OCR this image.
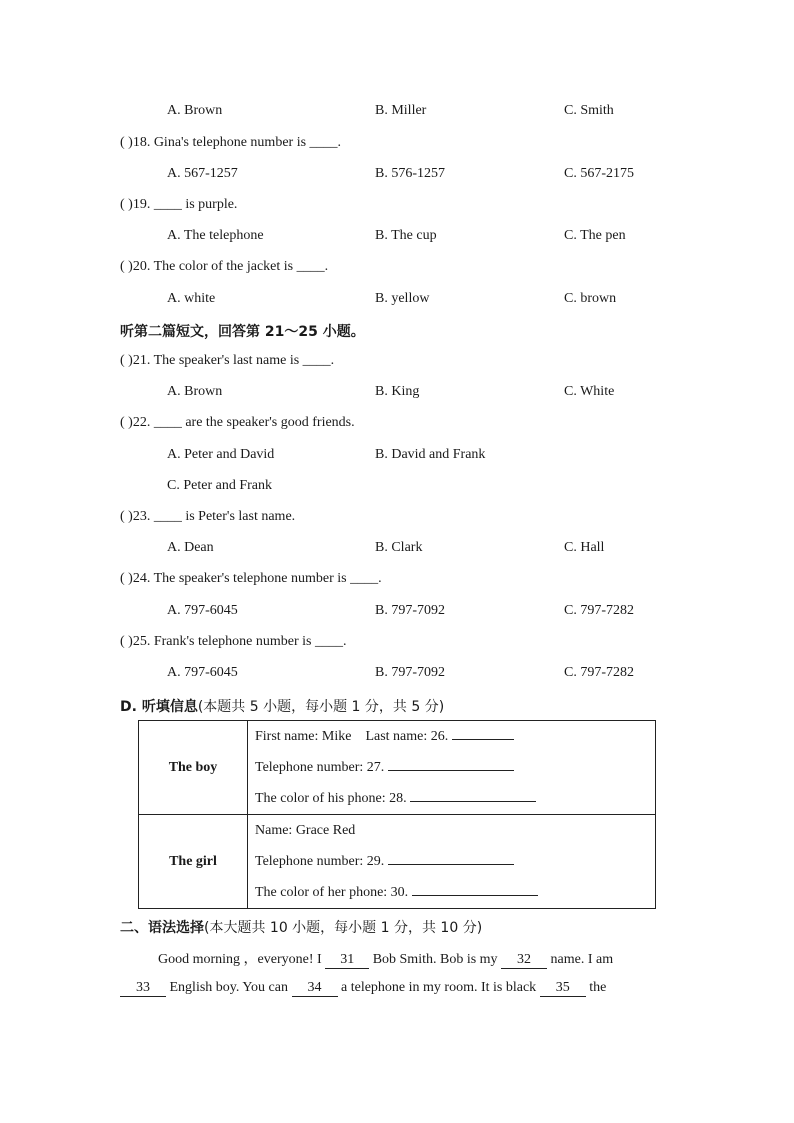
A. Brown	B. Miller	C. Smith
( )18. Gina's telephone number is ____.
A. 567-1257	B. 576-1257	C. 567-2175
( )19. ____ is purple.
A. The telephone	B. The cup	C. The pen
( )20. The color of the jacket is ____.
A. white	B. yellow	C. brown
听第二篇短文，回答第 21～25 小题。
( )21. The speaker's last name is ____.
A. Brown	B. King	C. White
( )22. ____ are the speaker's good friends.
A. Peter and David	B. David and Frank
C. Peter and Frank
( )23. ____ is Peter's last name.
A. Dean	B. Clark	C. Hall
( )24. The speaker's telephone number is ____.
A. 797-6045	B. 797-7092	C. 797-7282
( )25. Frank's telephone number is ____.
A. 797-6045	B. 797-7092	C. 797-7282
D. 听填信息(本题共 5 小题，每小题 1 分，共 5 分)
The boy	First name: Mike Last name: 26.
Telephone number: 27.
The color of his phone: 28.

The girl	Name: Grace Red
Telephone number: 29.
The color of her phone: 30.
二、语法选择(本大题共 10 小题，每小题 1 分，共 10 分)
Good morning ，everyone! I 31 Bob Smith. Bob is my 32 name. I am
33 English boy. You can 34 a telephone in my room. It is black 35 the
